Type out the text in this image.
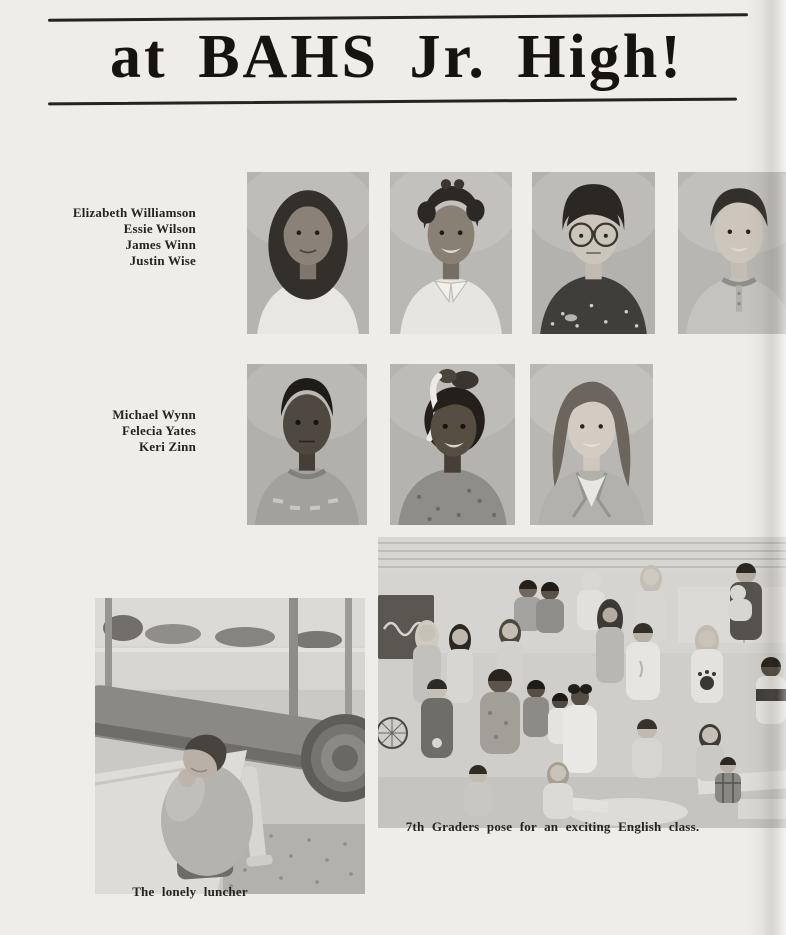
at BAHS Jr. High!
Elizabeth Williamson
Essie Wilson
James Winn
Justin Wise
Michael Wynn
Felecia Yates
Keri Zinn
The lonely luncher
7th Graders pose for an exciting English class.
